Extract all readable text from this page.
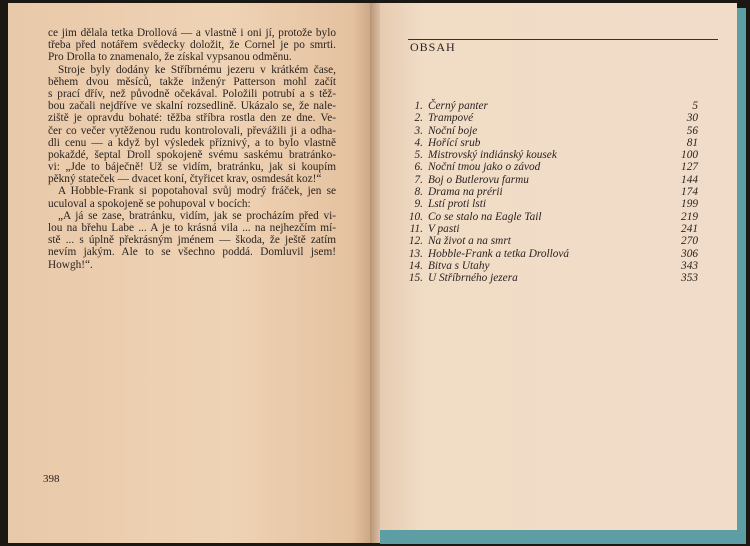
ce jim dělala tetka Drollová — a vlastně i oni jí, protože bylo
třeba před notářem svědecky doložit, že Cornel je po smrti.
Pro Drolla to znamenalo, že získal vypsanou odměnu.
Stroje byly dodány ke Stříbrnému jezeru v krátkém čase,
během dvou měsíců, takže inženýr Patterson mohl začít
s prací dřív, než původně očekával. Položili potrubí a s těž-
bou začali nejdříve ve skalní rozsedlině. Ukázalo se, že nale-
ziště je opravdu bohaté: těžba stříbra rostla den ze dne. Ve-
čer co večer vytěženou rudu kontrolovali, převážili ji a odha-
dli cenu — a když byl výsledek příznivý, a to bylo vlastně
pokaždé, šeptal Droll spokojeně svému saskému bratránko-
vi: „Jde to báječně! Už se vidím, bratránku, jak si koupím
pěkný stateček — dvacet koní, čtyřicet krav, osmdesát koz!“
A Hobble-Frank si popotahoval svůj modrý fráček, jen se
uculoval a spokojeně se pohupoval v bocích:
„A já se zase, bratránku, vidím, jak se procházím před vi-
lou na břehu Labe ... A je to krásná vila ... na nejhezčím mí-
stě ... s úplně překrásným jménem — škoda, že ještě zatím
nevím jakým. Ale to se všechno poddá. Domluvil jsem!
Howgh!“.
398
OBSAH
1. Černý panter	5
2. Trampové	30
3. Noční boje	56
4. Hořící srub	81
5. Mistrovský indiánský kousek	100
6. Noční tmou jako o závod	127
7. Boj o Butlerovu farmu	144
8. Drama na prérii	174
9. Lstí proti lsti	199
10. Co se stalo na Eagle Tail	219
11. V pasti	241
12. Na život a na smrt	270
13. Hobble-Frank a tetka Drollová	306
14. Bitva s Utahy	343
15. U Stříbrného jezera	353
